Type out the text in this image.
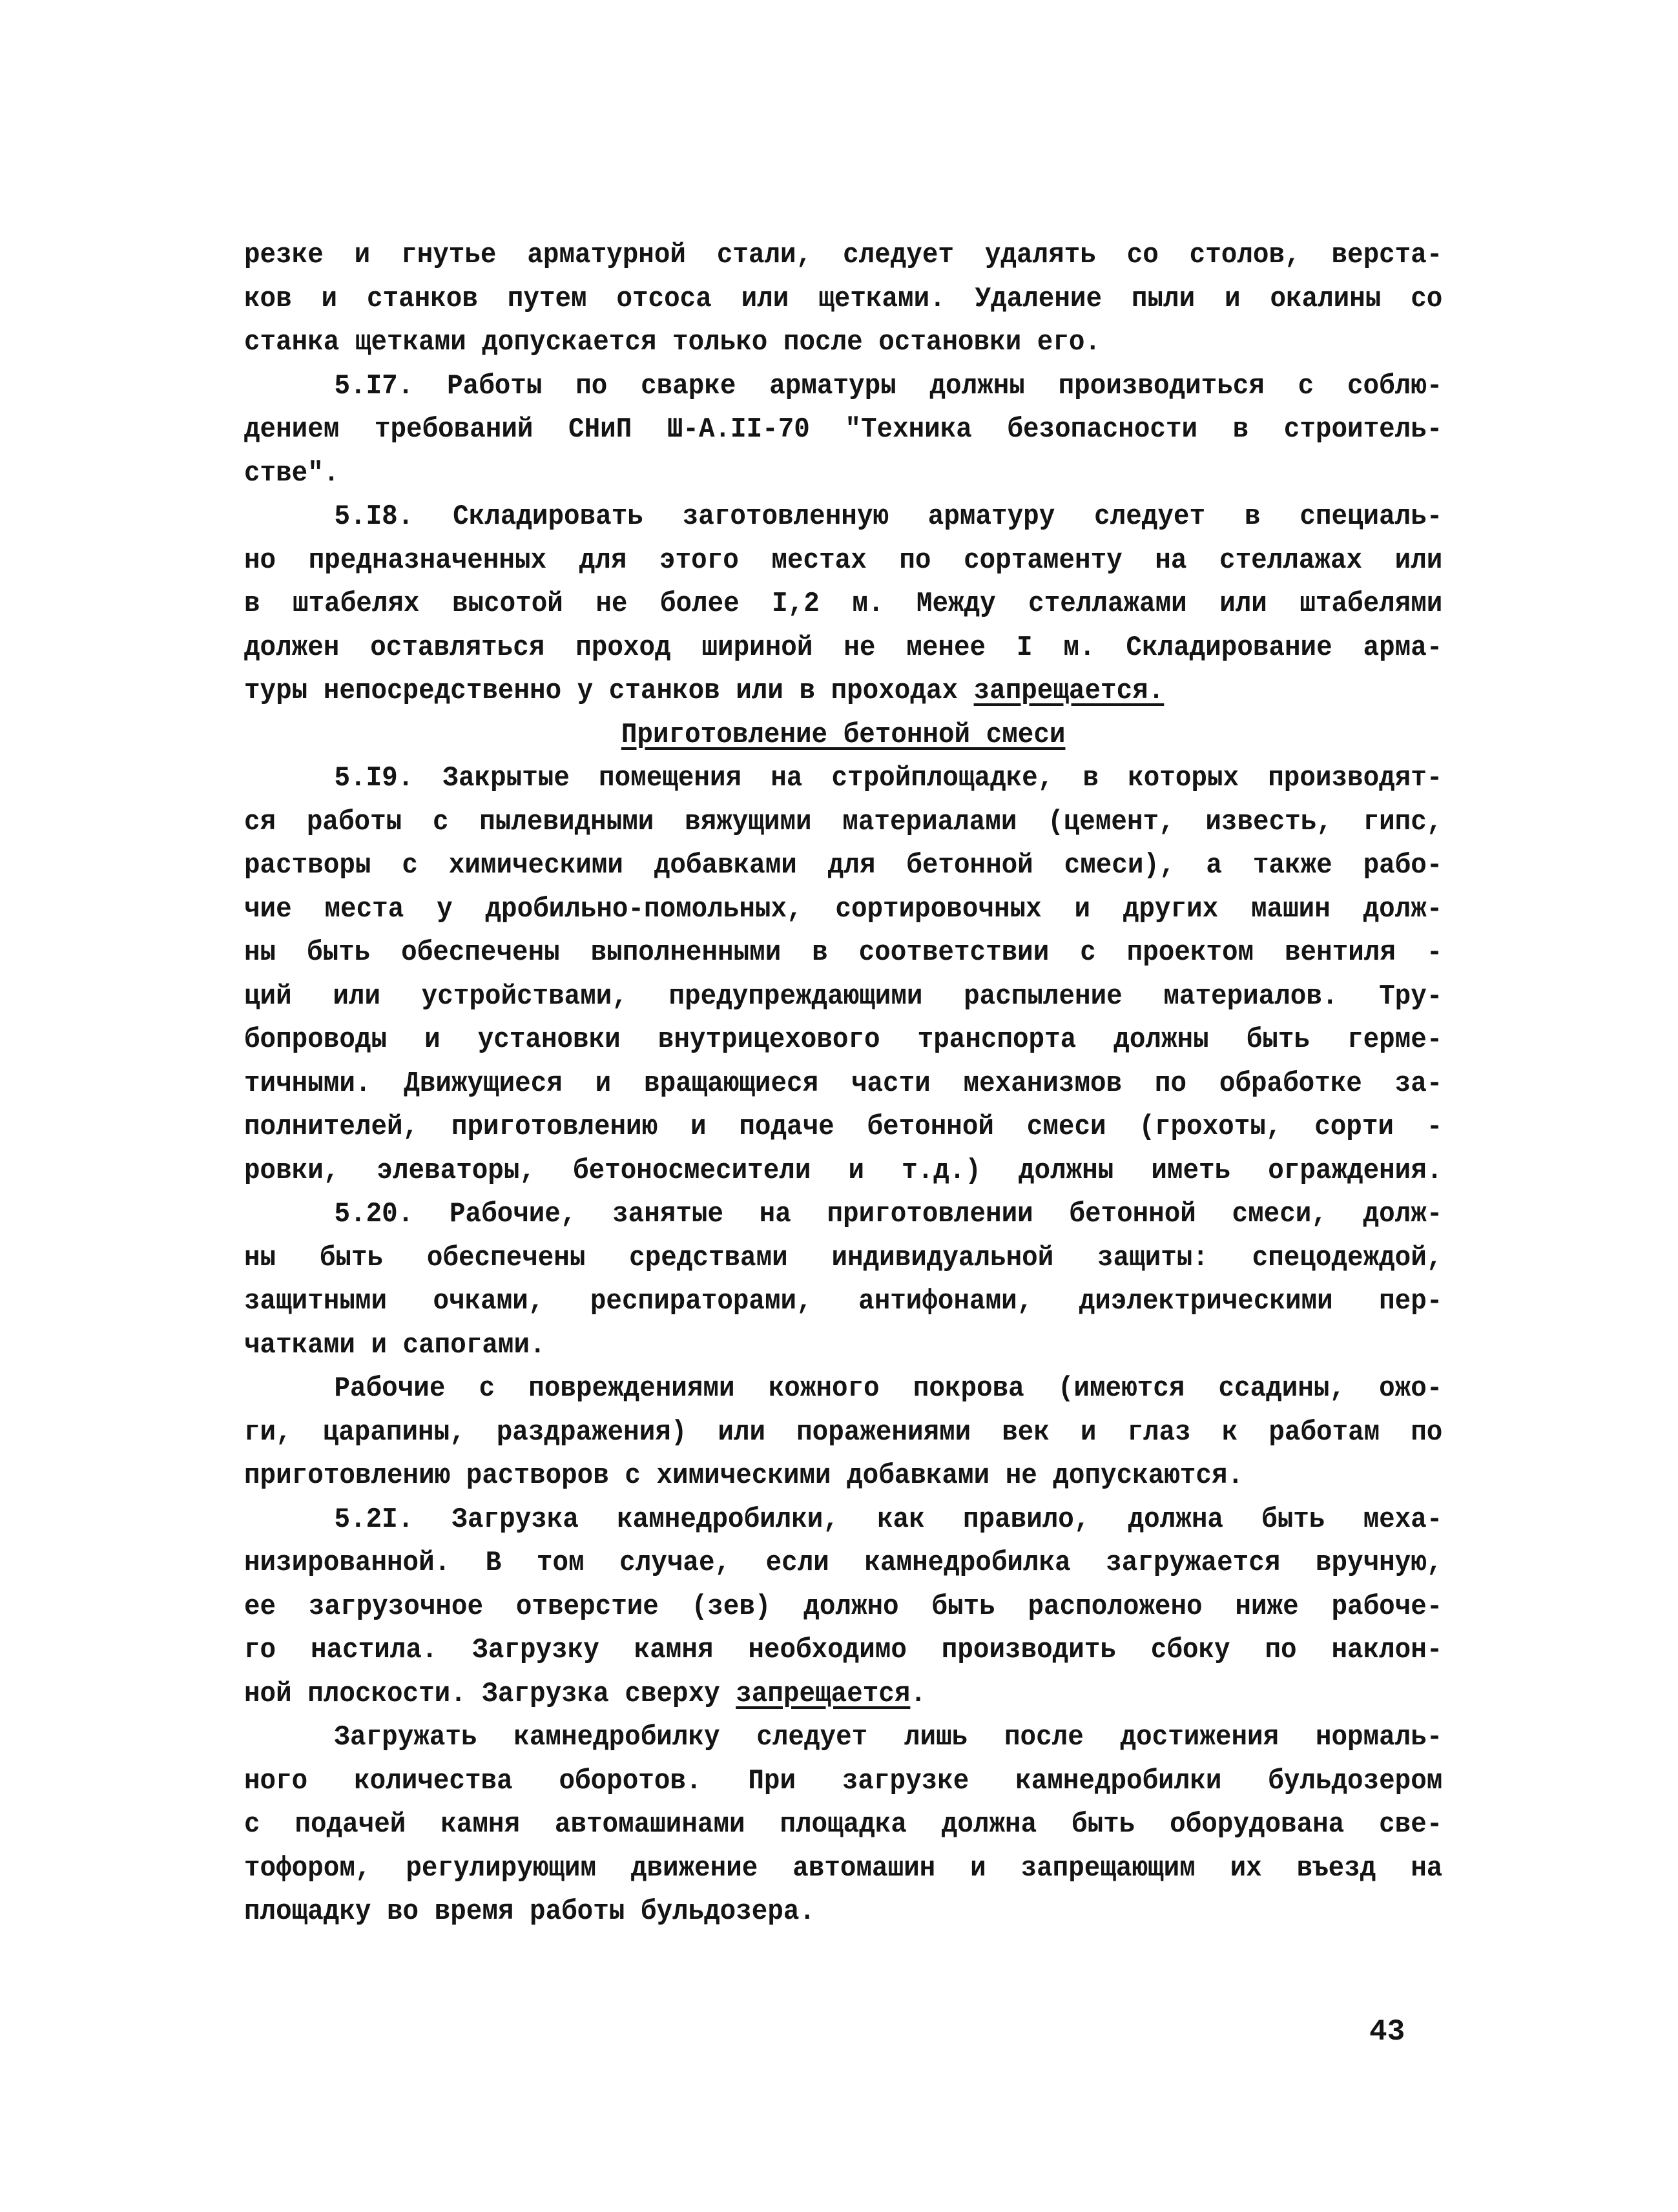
резке и гнутье арматурной стали, следует удалять со столов, верста-
ков и станков путем отсоса или щетками. Удаление пыли и окалины со
станка щетками допускается только после остановки его.
5.I7. Работы по сварке арматуры должны производиться с соблю-
дением требований СНиП Ш-А.II-70 "Техника безопасности в строитель-
стве".
5.I8. Складировать заготовленную арматуру следует в специаль-
но предназначенных для этого местах по сортаменту на стеллажах или
в штабелях высотой не более I,2 м. Между стеллажами или штабелями
должен оставляться проход шириной не менее I м. Складирование арма-
туры непосредственно у станков или в проходах запрещается.
Приготовление бетонной смеси
5.I9. Закрытые помещения на стройплощадке, в которых производят-
ся работы с пылевидными вяжущими материалами (цемент, известь, гипс,
растворы с химическими добавками для бетонной смеси), а также рабо-
чие места у дробильно-помольных, сортировочных и других машин долж-
ны быть обеспечены выполненными в соответствии с проектом вентиля -
ций или устройствами, предупреждающими распыление материалов. Тру-
бопроводы и установки внутрицехового транспорта должны быть герме-
тичными. Движущиеся и вращающиеся части механизмов по обработке за-
полнителей, приготовлению и подаче бетонной смеси (грохоты, сорти -
ровки, элеваторы, бетоносмесители и т.д.) должны иметь ограждения.
5.20. Рабочие, занятые на приготовлении бетонной смеси, долж-
ны быть обеспечены средствами индивидуальной защиты: спецодеждой,
защитными очками, респираторами, антифонами, диэлектрическими пер-
чатками и сапогами.
Рабочие с повреждениями кожного покрова (имеются ссадины, ожо-
ги, царапины, раздражения) или поражениями век и глаз к работам по
приготовлению растворов с химическими добавками не допускаются.
5.2I. Загрузка камнедробилки, как правило, должна быть меха-
низированной. В том случае, если камнедробилка загружается вручную,
ее загрузочное отверстие (зев) должно быть расположено ниже рабоче-
го настила. Загрузку камня необходимо производить сбоку по наклон-
ной плоскости. Загрузка сверху запрещается.
Загружать камнедробилку следует лишь после достижения нормаль-
ного количества оборотов. При загрузке камнедробилки бульдозером
с подачей камня автомашинами площадка должна быть оборудована све-
тофором, регулирующим движение автомашин и запрещающим их въезд на
площадку во время работы бульдозера.
43
